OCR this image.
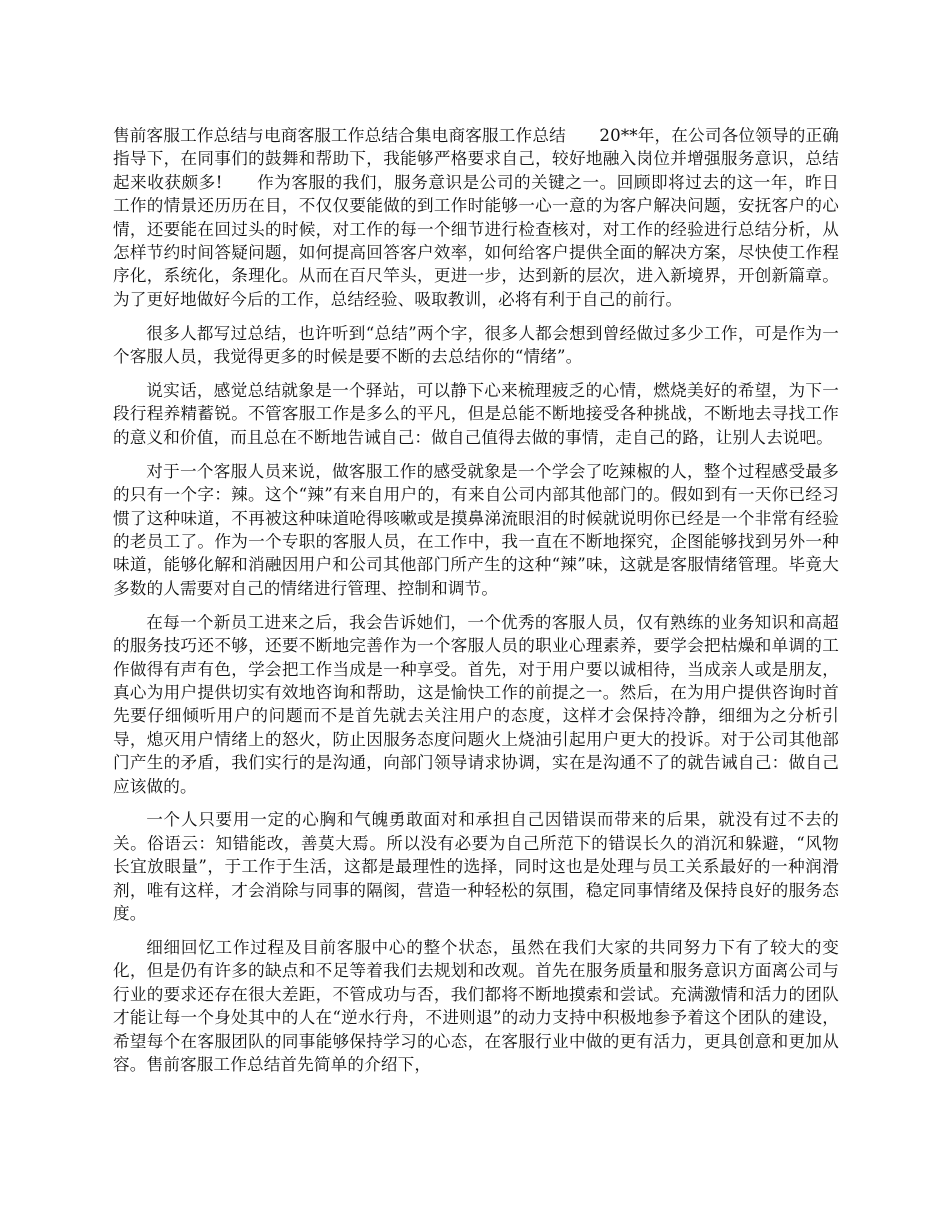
售前客服工作总结与电商客服工作总结合集电商客服工作总结　　20**年，在公司各位领导的正确指导下，在同事们的鼓舞和帮助下，我能够严格要求自己，较好地融入岗位并增强服务意识，总结起来收获颇多!　　作为客服的我们，服务意识是公司的关键之一。回顾即将过去的这一年，昨日工作的情景还历历在目，不仅仅要能做的到工作时能够一心一意的为客户解决问题，安抚客户的心情，还要能在回过头的时候，对工作的每一个细节进行检查核对，对工作的经验进行总结分析，从怎样节约时间答疑问题，如何提高回答客户效率，如何给客户提供全面的解决方案，尽快使工作程序化，系统化，条理化。从而在百尺竿头，更进一步，达到新的层次，进入新境界，开创新篇章。为了更好地做好今后的工作，总结经验、吸取教训，必将有利于自己的前行。

很多人都写过总结，也许听到“总结”两个字，很多人都会想到曾经做过多少工作，可是作为一个客服人员，我觉得更多的时候是要不断的去总结你的“情绪”。

说实话，感觉总结就象是一个驿站，可以静下心来梳理疲乏的心情，燃烧美好的希望，为下一段行程养精蓄锐。不管客服工作是多么的平凡，但是总能不断地接受各种挑战，不断地去寻找工作的意义和价值，而且总在不断地告诫自己：做自己值得去做的事情，走自己的路，让别人去说吧。

对于一个客服人员来说，做客服工作的感受就象是一个学会了吃辣椒的人，整个过程感受最多的只有一个字：辣。这个“辣”有来自用户的，有来自公司内部其他部门的。假如到有一天你已经习惯了这种味道，不再被这种味道呛得咳嗽或是摸鼻涕流眼泪的时候就说明你已经是一个非常有经验的老员工了。作为一个专职的客服人员，在工作中，我一直在不断地探究，企图能够找到另外一种味道，能够化解和消融因用户和公司其他部门所产生的这种“辣”味，这就是客服情绪管理。毕竟大多数的人需要对自己的情绪进行管理、控制和调节。

在每一个新员工进来之后，我会告诉她们，一个优秀的客服人员，仅有熟练的业务知识和高超的服务技巧还不够，还要不断地完善作为一个客服人员的职业心理素养，要学会把枯燥和单调的工作做得有声有色，学会把工作当成是一种享受。首先，对于用户要以诚相待，当成亲人或是朋友，真心为用户提供切实有效地咨询和帮助，这是愉快工作的前提之一。然后，在为用户提供咨询时首先要仔细倾听用户的问题而不是首先就去关注用户的态度，这样才会保持冷静，细细为之分析引导，熄灭用户情绪上的怒火，防止因服务态度问题火上烧油引起用户更大的投诉。对于公司其他部门产生的矛盾，我们实行的是沟通，向部门领导请求协调，实在是沟通不了的就告诫自己：做自己应该做的。

一个人只要用一定的心胸和气魄勇敢面对和承担自己因错误而带来的后果，就没有过不去的关。俗语云：知错能改，善莫大焉。所以没有必要为自己所范下的错误长久的消沉和躲避，“风物长宜放眼量”，于工作于生活，这都是最理性的选择，同时这也是处理与员工关系最好的一种润滑剂，唯有这样，才会消除与同事的隔阂，营造一种轻松的氛围，稳定同事情绪及保持良好的服务态度。

细细回忆工作过程及目前客服中心的整个状态，虽然在我们大家的共同努力下有了较大的变化，但是仍有许多的缺点和不足等着我们去规划和改观。首先在服务质量和服务意识方面离公司与行业的要求还存在很大差距，不管成功与否，我们都将不断地摸索和尝试。充满激情和活力的团队才能让每一个身处其中的人在“逆水行舟，不进则退”的动力支持中积极地参予着这个团队的建设，希望每个在客服团队的同事能够保持学习的心态，在客服行业中做的更有活力，更具创意和更加从容。售前客服工作总结首先简单的介绍下，
